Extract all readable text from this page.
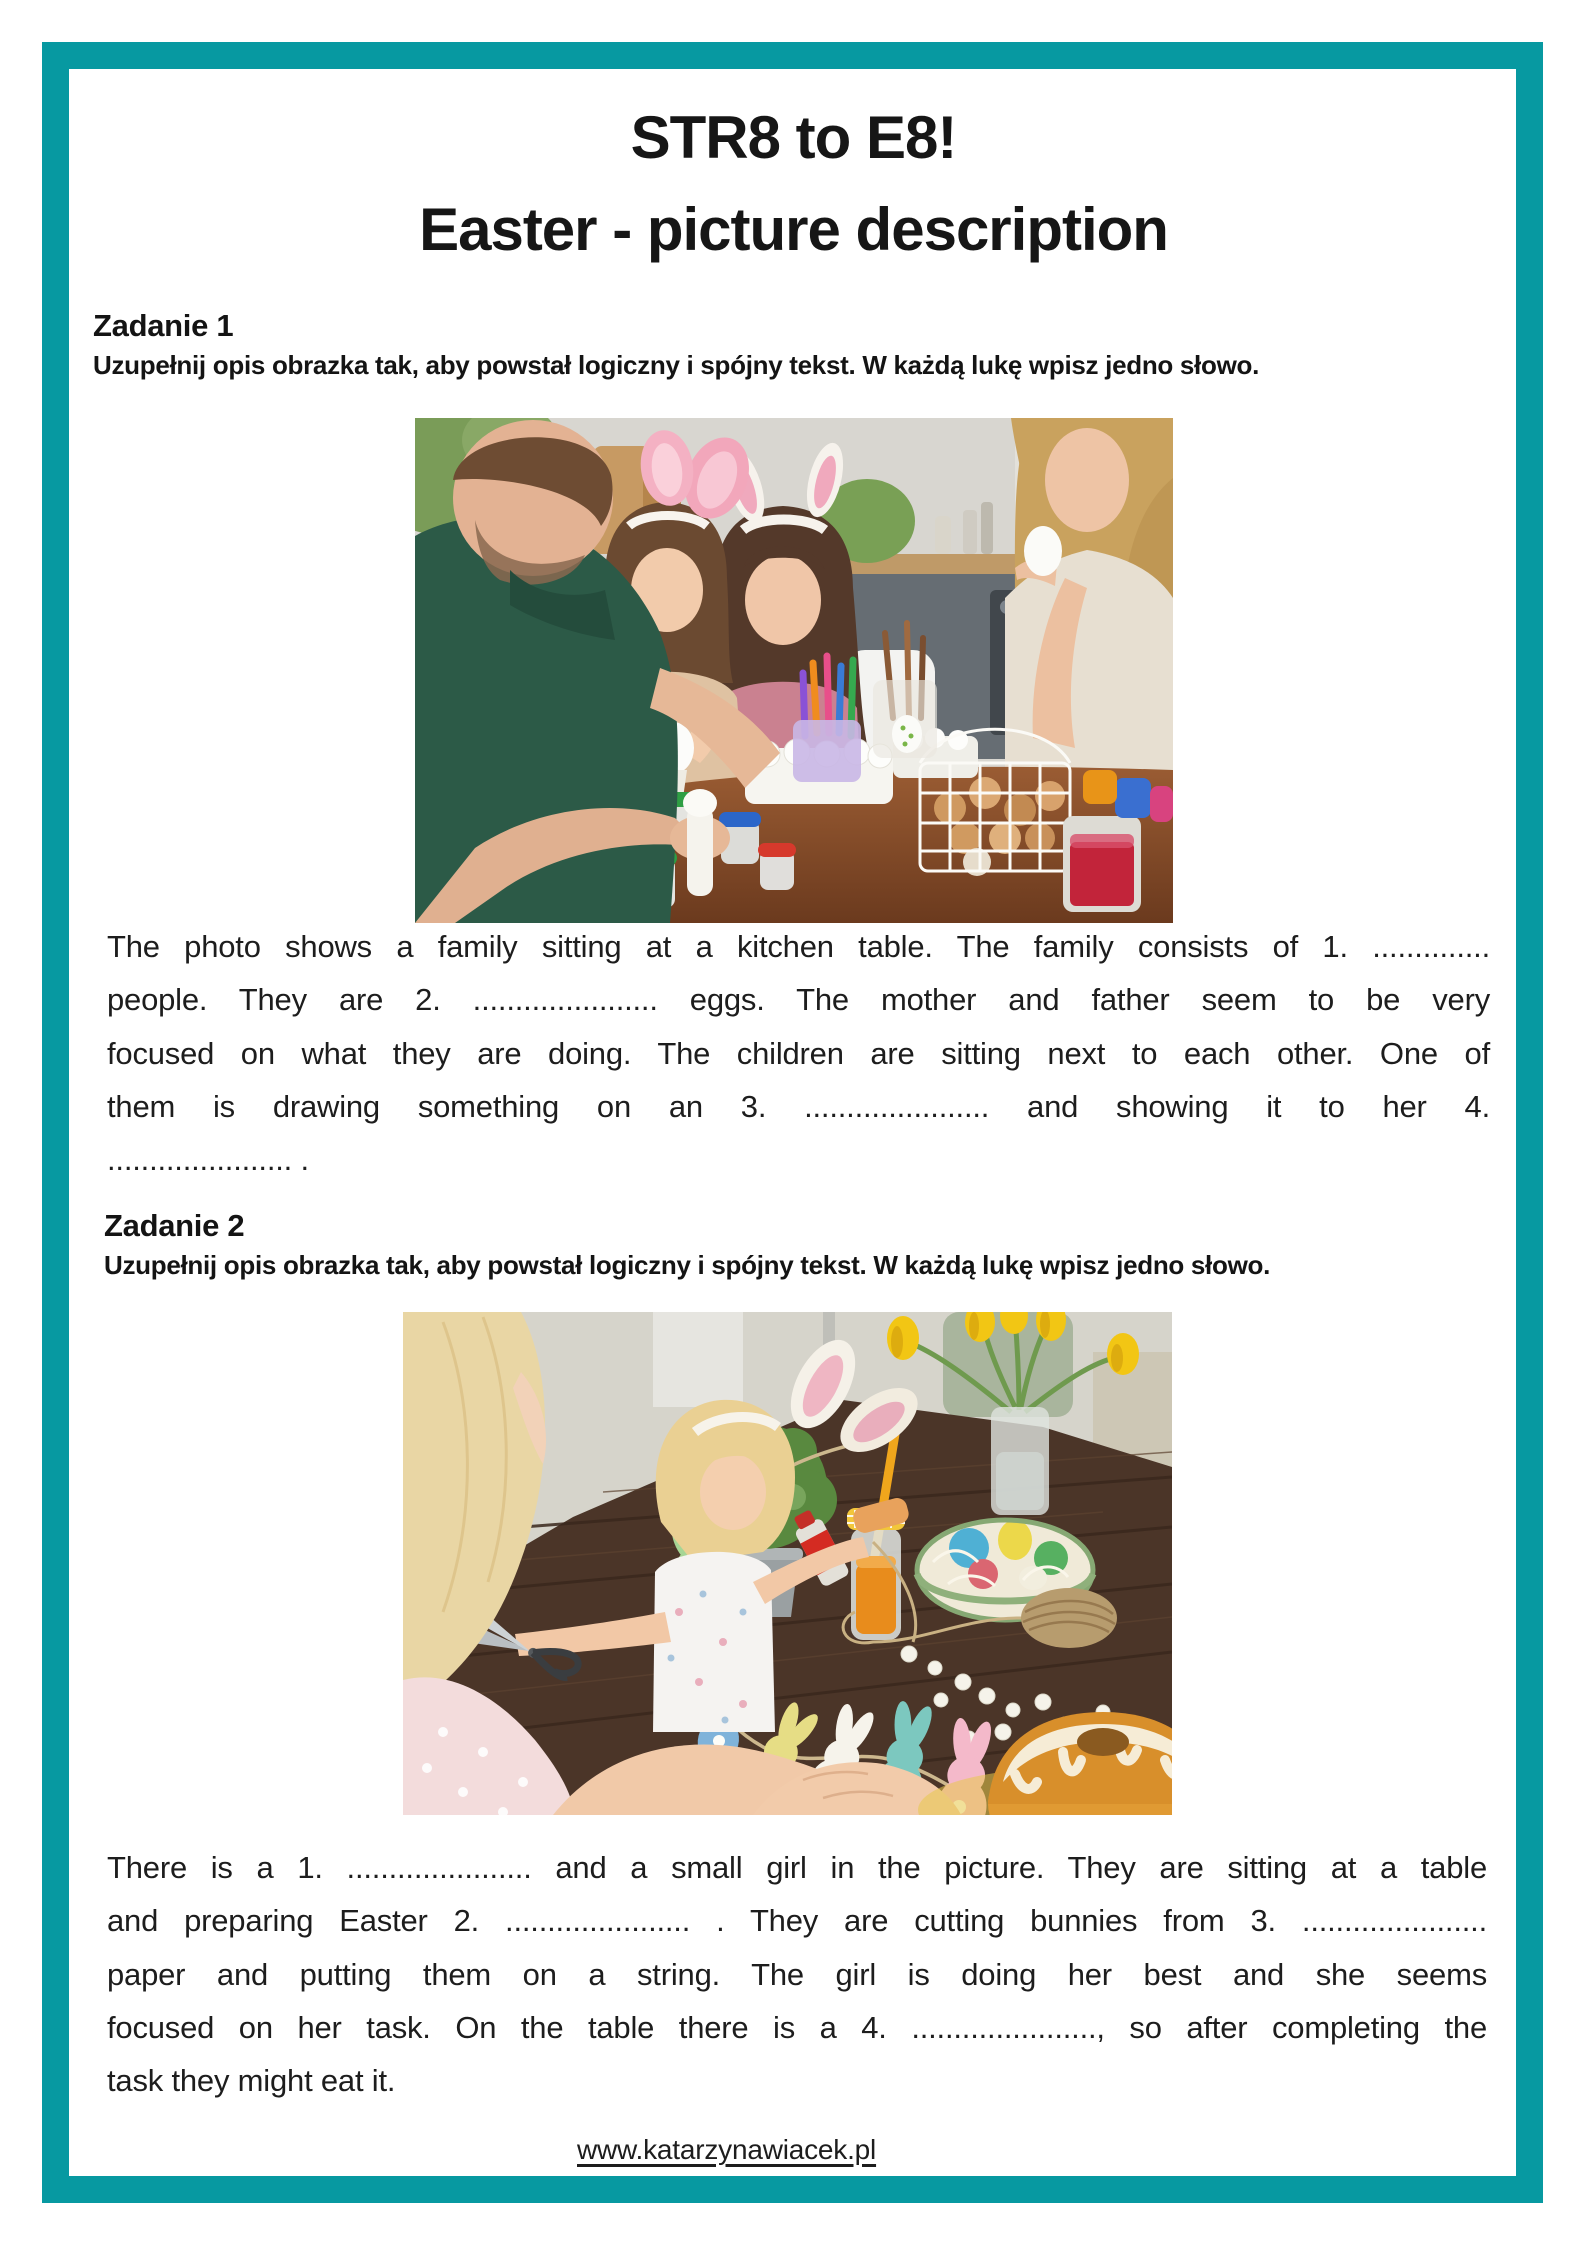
STR8 to E8!
Easter - picture description
Zadanie 1

Uzupełnij opis obrazka tak, aby powstał logiczny i spójny tekst. W każdą lukę wpisz jedno słowo.

The photo shows a family sitting at a kitchen table. The family consists of 1. ..............
people. They are 2. ...................... eggs. The mother and father seem to be very
focused on what they are doing. The children are sitting next to each other. One of
them is drawing something on an 3. ...................... and showing it to her 4.
...................... .
Zadanie 2

Uzupełnij opis obrazka tak, aby powstał logiczny i spójny tekst. W każdą lukę wpisz jedno słowo.

There is a 1. ...................... and a small girl in the picture. They are sitting at a table
and preparing Easter 2. ...................... . They are cutting bunnies from 3. ......................
paper and putting them on a string. The girl is doing her best and she seems
focused on her task. On the table there is a 4. ......................, so after completing the
task they might eat it.
www.katarzynawiacek.pl
